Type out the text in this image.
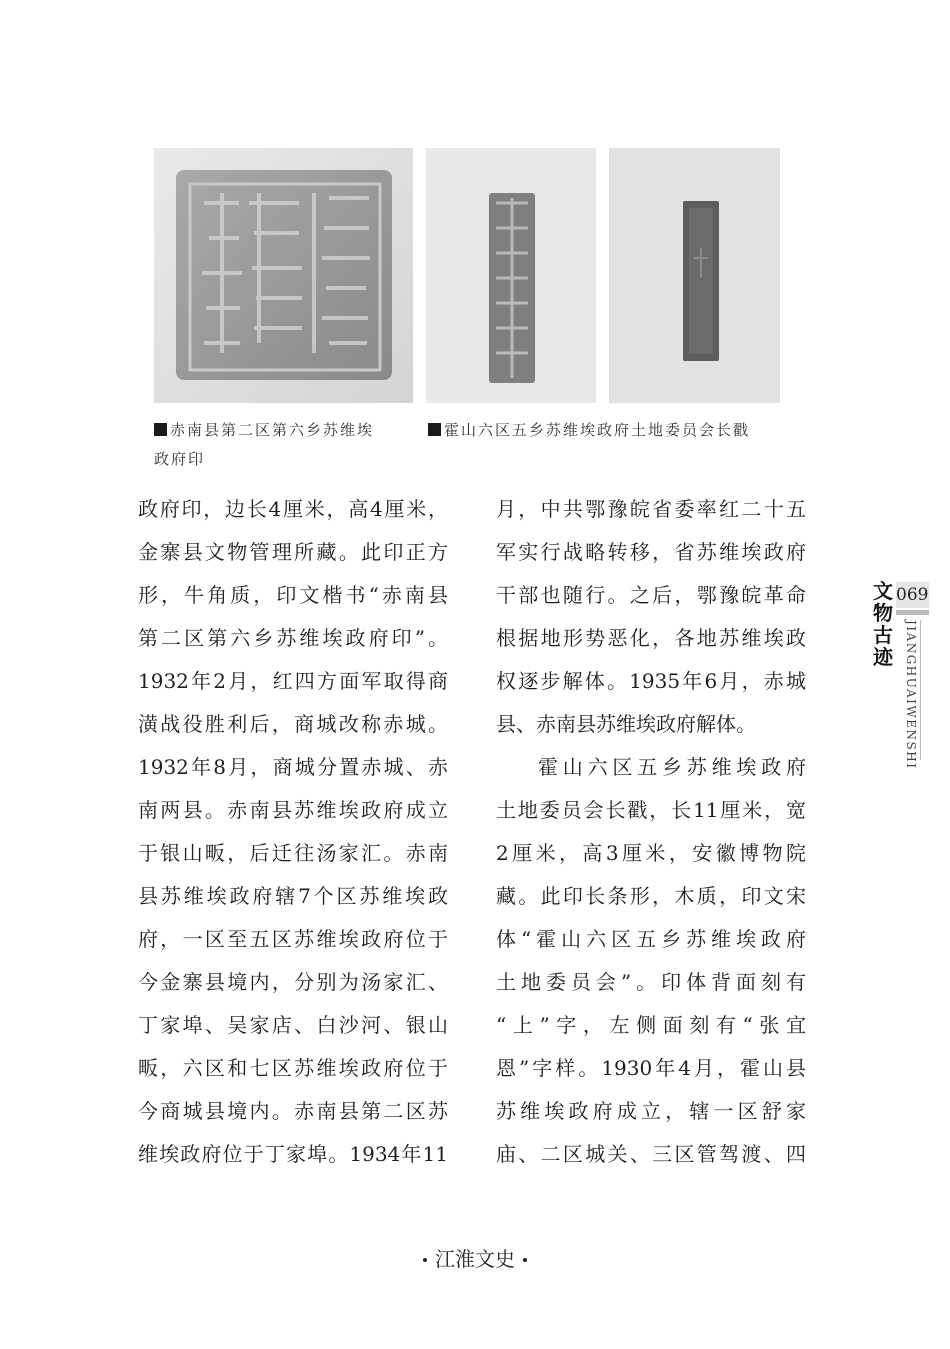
赤南县第二区第六乡苏维埃
政府印
霍山六区五乡苏维埃政府土地委员会长戳
政府印，边长4厘米，高4厘米，
金寨县文物管理所藏。此印正方
形，牛角质，印文楷书“赤南县
第二区第六乡苏维埃政府印”。
1932年2月，红四方面军取得商
潢战役胜利后，商城改称赤城。
1932年8月，商城分置赤城、赤
南两县。赤南县苏维埃政府成立
于银山畈，后迁往汤家汇。赤南
县苏维埃政府辖7个区苏维埃政
府，一区至五区苏维埃政府位于
今金寨县境内，分别为汤家汇、
丁家埠、吴家店、白沙河、银山
畈，六区和七区苏维埃政府位于
今商城县境内。赤南县第二区苏
维埃政府位于丁家埠。1934年11
月，中共鄂豫皖省委率红二十五
军实行战略转移，省苏维埃政府
干部也随行。之后，鄂豫皖革命
根据地形势恶化，各地苏维埃政
权逐步解体。1935年6月，赤城
县、赤南县苏维埃政府解体。
霍山六区五乡苏维埃政府
土地委员会长戳，长11厘米，宽
2厘米，高3厘米，安徽博物院
藏。此印长条形，木质，印文宋
体“霍山六区五乡苏维埃政府
土地委员会”。印体背面刻有
“上”字，左侧面刻有“张宜
恩”字样。1930年4月，霍山县
苏维埃政府成立，辖一区舒家
庙、二区城关、三区管驾渡、四
文物古迹
069
JIANGHUAIWENSHI
江淮文史
